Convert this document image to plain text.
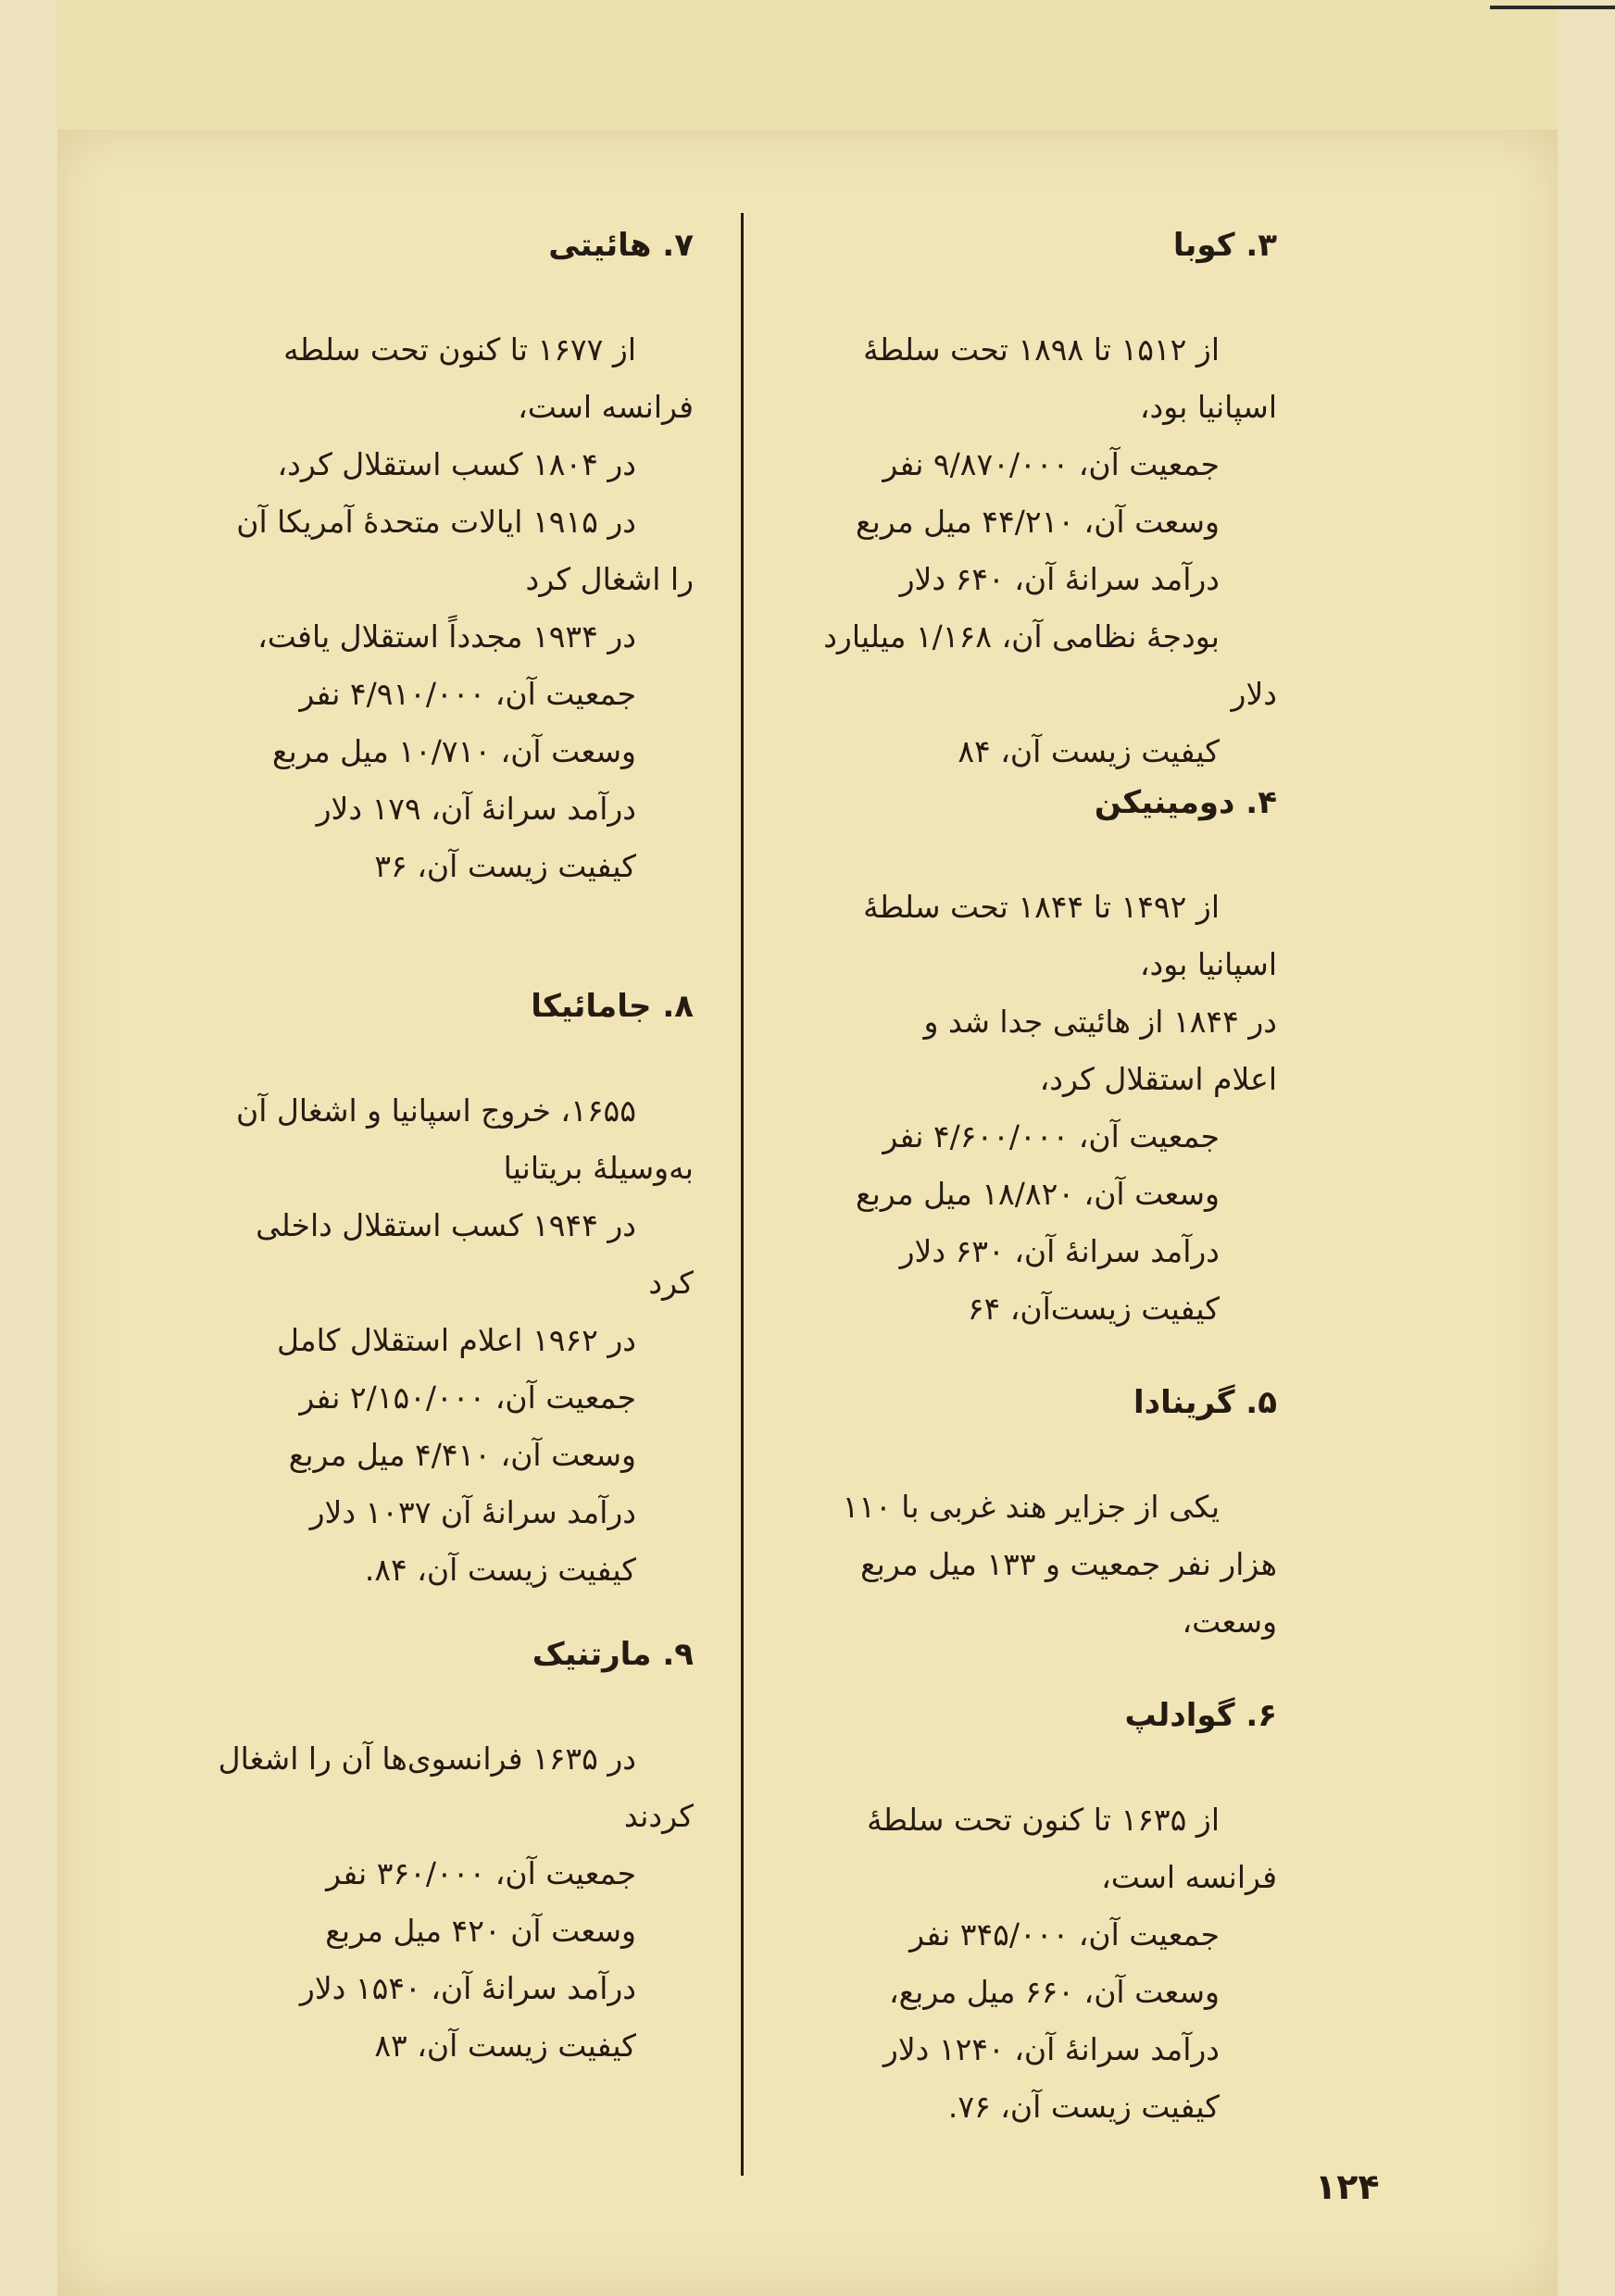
۳. کوبا
از ۱۵۱۲ تا ۱۸۹۸ تحت سلطهٔ
اسپانیا بود،
جمعیت آن، ۹/۸۷۰/۰۰۰ نفر
وسعت آن، ۴۴/۲۱۰ میل مربع
درآمد سرانهٔ آن، ۶۴۰ دلار
بودجهٔ نظامی آن، ۱/۱۶۸ میلیارد
دلار
کیفیت زیست آن، ۸۴
۴. دومینیکن
از ۱۴۹۲ تا ۱۸۴۴ تحت سلطهٔ
اسپانیا بود،
در ۱۸۴۴ از هائیتی جدا شد و
اعلام استقلال کرد،
جمعیت آن، ۴/۶۰۰/۰۰۰ نفر
وسعت آن، ۱۸/۸۲۰ میل مربع
درآمد سرانهٔ آن، ۶۳۰ دلار
کیفیت زیست‌آن، ۶۴
۵. گرینادا
یکی از جزایر هند غربی با ۱۱۰
هزار نفر جمعیت و ۱۳۳ میل مربع
وسعت،
۶. گوادلپ
از ۱۶۳۵ تا کنون تحت سلطهٔ
فرانسه است،
جمعیت آن، ۳۴۵/۰۰۰ نفر
وسعت آن، ۶۶۰ میل مربع،
درآمد سرانهٔ آن، ۱۲۴۰ دلار
کیفیت زیست آن، ۷۶.
۷. هائیتی
از ۱۶۷۷ تا کنون تحت سلطه
فرانسه است،
در ۱۸۰۴ کسب استقلال کرد،
در ۱۹۱۵ ایالات متحدهٔ آمریکا آن
را اشغال کرد
در ۱۹۳۴ مجدداً استقلال یافت،
جمعیت آن، ۴/۹۱۰/۰۰۰ نفر
وسعت آن، ۱۰/۷۱۰ میل مربع
درآمد سرانهٔ آن، ۱۷۹ دلار
کیفیت زیست آن، ۳۶
۸. جامائیکا
۱۶۵۵، خروج اسپانیا و اشغال آن
به‌وسیلهٔ بریتانیا
در ۱۹۴۴ کسب استقلال داخلی
کرد
در ۱۹۶۲ اعلام استقلال کامل
جمعیت آن، ۲/۱۵۰/۰۰۰ نفر
وسعت آن، ۴/۴۱۰ میل مربع
درآمد سرانهٔ آن ۱۰۳۷ دلار
کیفیت زیست آن، ۸۴.
۹. مارتنیک
در ۱۶۳۵ فرانسوی‌ها آن را اشغال
کردند
جمعیت آن، ۳۶۰/۰۰۰ نفر
وسعت آن ۴۲۰ میل مربع
درآمد سرانهٔ آن، ۱۵۴۰ دلار
کیفیت زیست آن، ۸۳
۱۲۴
